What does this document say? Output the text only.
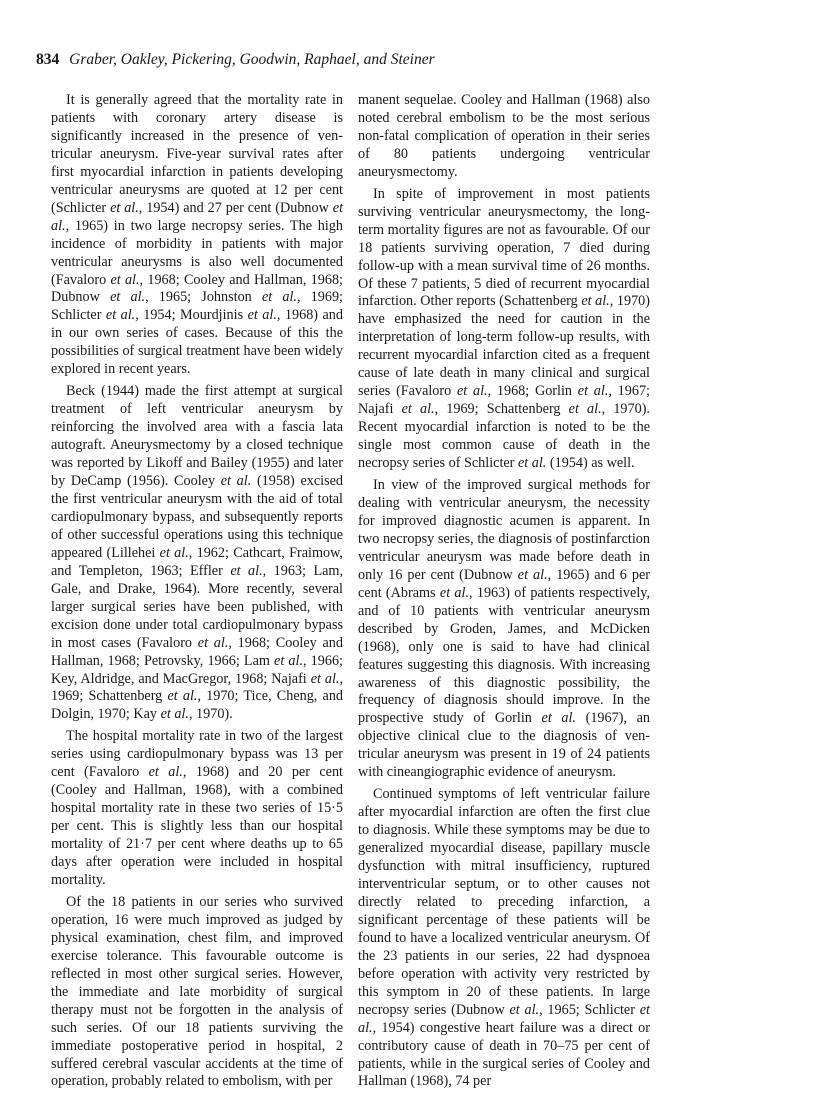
834 Graber, Oakley, Pickering, Goodwin, Raphael, and Steiner

It is generally agreed that the mortality rate in patients with coronary artery disease is significantly increased in the presence of ventricular aneurysm. Five-year survival rates after first myocardial infarction in patients developing ventricular aneurysms are quoted at 12 per cent (Schlicter et al., 1954) and 27 per cent (Dubnow et al., 1965) in two large necropsy series. The high incidence of morbidity in patients with major ventricular aneurysms is also well documented (Favaloro et al., 1968; Cooley and Hallman, 1968; Dubnow et al., 1965; Johnston et al., 1969; Schlicter et al., 1954; Mourdjinis et al., 1968) and in our own series of cases. Because of this the possibilities of surgical treatment have been widely explored in recent years.

Beck (1944) made the first attempt at surgical treatment of left ventricular aneurysm by reinforcing the involved area with a fascia lata autograft. Aneurysmectomy by a closed technique was reported by Likoff and Bailey (1955) and later by DeCamp (1956). Cooley et al. (1958) excised the first ventricular aneurysm with the aid of total cardiopulmonary bypass, and subsequently reports of other successful operations using this technique appeared (Lillehei et al., 1962; Cathcart, Fraimow, and Templeton, 1963; Effler et al., 1963; Lam, Gale, and Drake, 1964). More recently, several larger surgical series have been published, with excision done under total cardiopulmonary bypass in most cases (Favaloro et al., 1968; Cooley and Hallman, 1968; Petrovsky, 1966; Lam et al., 1966; Key, Aldridge, and MacGregor, 1968; Najafi et al., 1969; Schattenberg et al., 1970; Tice, Cheng, and Dolgin, 1970; Kay et al., 1970).

The hospital mortality rate in two of the largest series using cardiopulmonary bypass was 13 per cent (Favaloro et al., 1968) and 20 per cent (Cooley and Hallman, 1968), with a combined hospital mortality rate in these two series of 15·5 per cent. This is slightly less than our hospital mortality of 21·7 per cent where deaths up to 65 days after operation were included in hospital mortality.

Of the 18 patients in our series who survived operation, 16 were much improved as judged by physical examination, chest film, and improved exercise tolerance. This favourable outcome is reflected in most other surgical series. However, the immediate and late morbidity of surgical therapy must not be forgotten in the analysis of such series. Of our 18 patients surviving the immediate postoperative period in hospital, 2 suffered cerebral vascular accidents at the time of operation, probably related to embolism, with per

manent sequelae. Cooley and Hallman (1968) also noted cerebral embolism to be the most serious non-fatal complication of operation in their series of 80 patients undergoing ventricular aneurysmectomy.

In spite of improvement in most patients surviving ventricular aneurysmectomy, the long-term mortality figures are not as favourable. Of our 18 patients surviving operation, 7 died during follow-up with a mean survival time of 26 months. Of these 7 patients, 5 died of recurrent myocardial infarction. Other reports (Schattenberg et al., 1970) have emphasized the need for caution in the interpretation of long-term follow-up results, with recurrent myocardial infarction cited as a frequent cause of late death in many clinical and surgical series (Favaloro et al., 1968; Gorlin et al., 1967; Najafi et al., 1969; Schattenberg et al., 1970). Recent myocardial infarction is noted to be the single most common cause of death in the necropsy series of Schlicter et al. (1954) as well.

In view of the improved surgical methods for dealing with ventricular aneurysm, the necessity for improved diagnostic acumen is apparent. In two necropsy series, the diagnosis of postinfarction ventricular aneurysm was made before death in only 16 per cent (Dubnow et al., 1965) and 6 per cent (Abrams et al., 1963) of patients respectively, and of 10 patients with ventricular aneurysm described by Groden, James, and McDicken (1968), only one is said to have had clinical features suggesting this diagnosis. With increasing awareness of this diagnostic possibility, the frequency of diagnosis should improve. In the prospective study of Gorlin et al. (1967), an objective clinical clue to the diagnosis of ventricular aneurysm was present in 19 of 24 patients with cineangiographic evidence of aneurysm.

Continued symptoms of left ventricular failure after myocardial infarction are often the first clue to diagnosis. While these symptoms may be due to generalized myocardial disease, papillary muscle dysfunction with mitral insufficiency, ruptured interventricular septum, or to other causes not directly related to preceding infarction, a significant percentage of these patients will be found to have a localized ventricular aneurysm. Of the 23 patients in our series, 22 had dyspnoea before operation with activity very restricted by this symptom in 20 of these patients. In large necropsy series (Dubnow et al., 1965; Schlicter et al., 1954) congestive heart failure was a direct or contributory cause of death in 70–75 per cent of patients, while in the surgical series of Cooley and Hallman (1968), 74 per
